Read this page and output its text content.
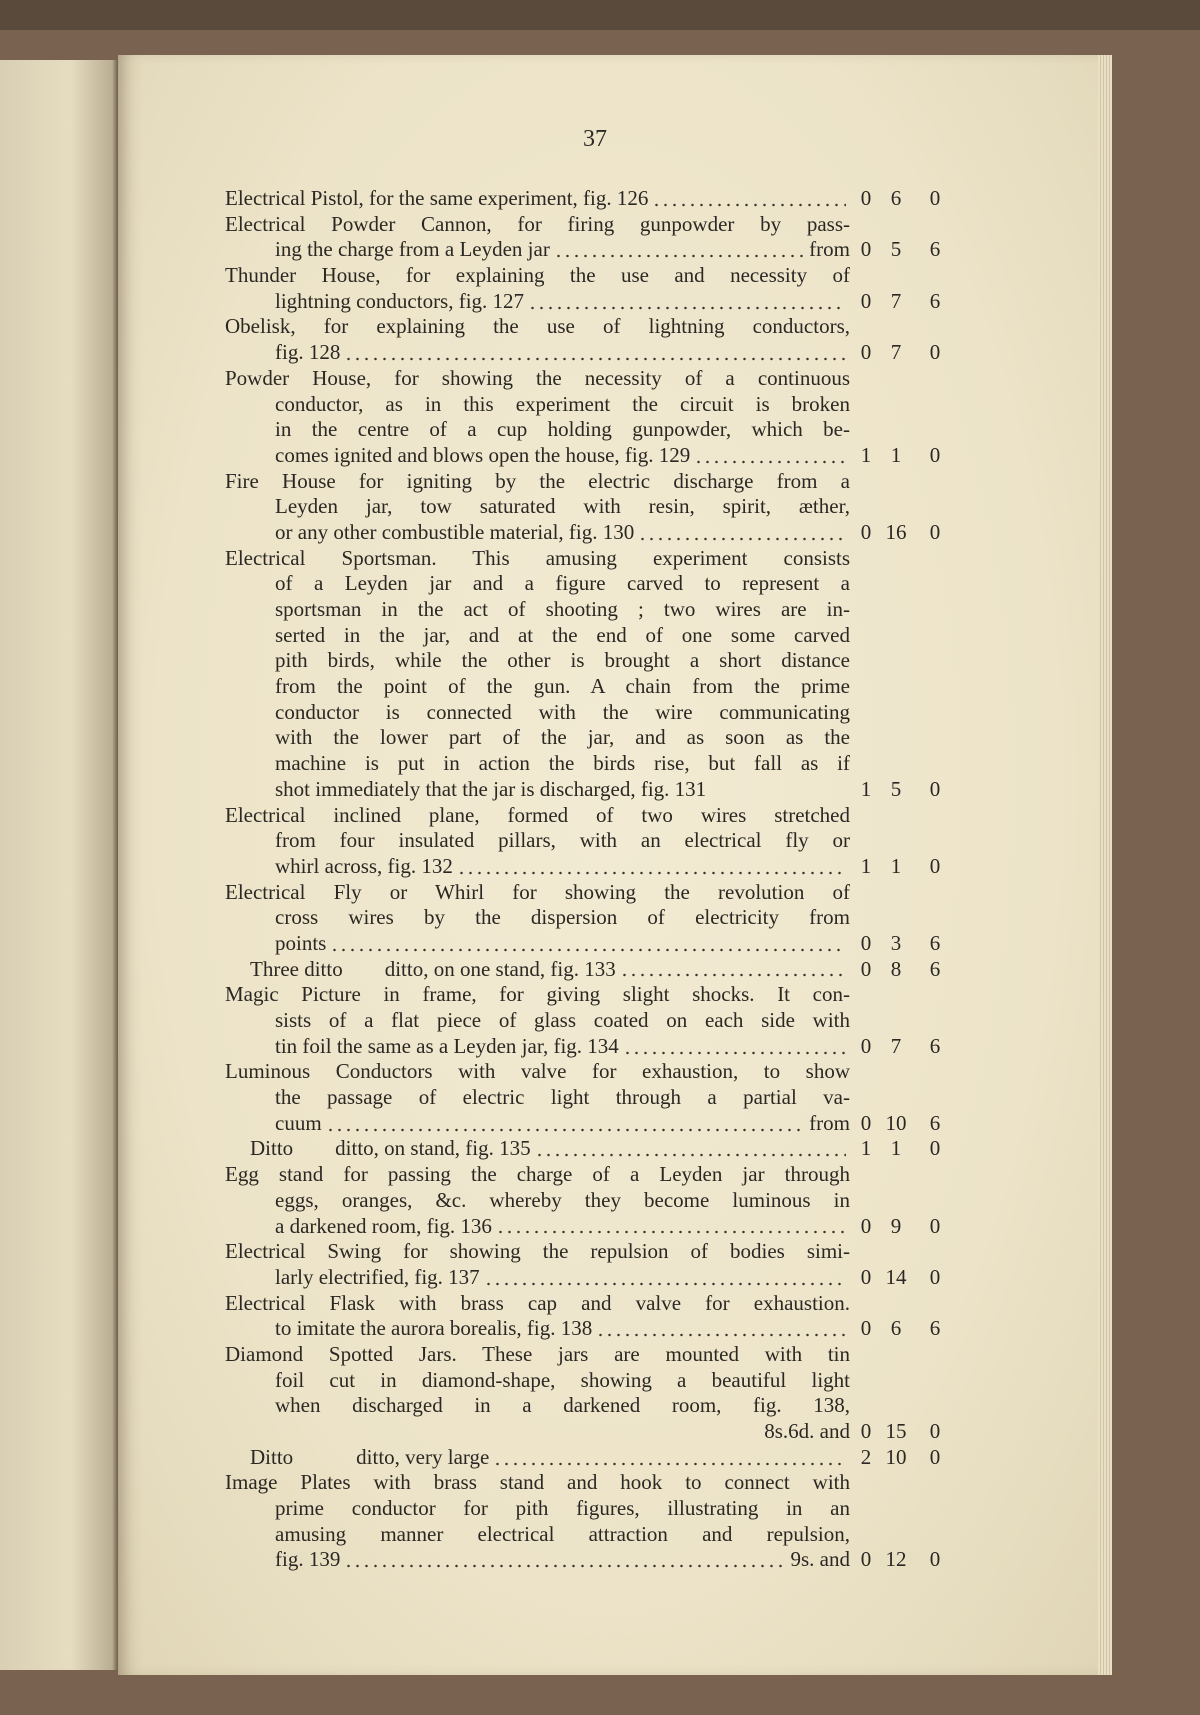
37
Electrical Pistol, for the same experiment, fig. 126	0 6	0
Electrical Powder Cannon, for firing gunpowder by pass-
ing the charge from a Leyden jar	from 0 5	6
Thunder House, for explaining the use and necessity of
lightning conductors, fig. 127	0 7	6
Obelisk, for explaining the use of lightning conductors,
fig. 128	0 7	0
Powder House, for showing the necessity of a continuous
conductor, as in this experiment the circuit is broken
in the centre of a cup holding gunpowder, which be-
comes ignited and blows open the house, fig. 129	1 1	0
Fire House for igniting by the electric discharge from a
Leyden jar, tow saturated with resin, spirit, æther,
or any other combustible material, fig. 130	0 16	0
Electrical Sportsman. This amusing experiment consists
of a Leyden jar and a figure carved to represent a
sportsman in the act of shooting ; two wires are in-
serted in the jar, and at the end of one some carved
pith birds, while the other is brought a short distance
from the point of the gun. A chain from the prime
conductor is connected with the wire communicating
with the lower part of the jar, and as soon as the
machine is put in action the birds rise, but fall as if
shot immediately that the jar is discharged, fig. 131	1 5	0
Electrical inclined plane, formed of two wires stretched
from four insulated pillars, with an electrical fly or
whirl across, fig. 132	1 1	0
Electrical Fly or Whirl for showing the revolution of
cross wires by the dispersion of electricity from
points	0 3	6
Three ditto        ditto, on one stand, fig. 133	0 8	6
Magic Picture in frame, for giving slight shocks. It con-
sists of a flat piece of glass coated on each side with
tin foil the same as a Leyden jar, fig. 134	0 7	6
Luminous Conductors with valve for exhaustion, to show
the passage of electric light through a partial va-
cuum	from 0 10	6
Ditto        ditto, on stand, fig. 135	1 1	0
Egg stand for passing the charge of a Leyden jar through
eggs, oranges, &c. whereby they become luminous in
a darkened room, fig. 136	0 9	0
Electrical Swing for showing the repulsion of bodies simi-
larly electrified, fig. 137	0 14	0
Electrical Flask with brass cap and valve for exhaustion.
to imitate the aurora borealis, fig. 138	0 6	6
Diamond Spotted Jars. These jars are mounted with tin
foil cut in diamond-shape, showing a beautiful light
when discharged in a darkened room, fig. 138,
8s.6d. and 0 15	0
Ditto            ditto, very large	2 10	0
Image Plates with brass stand and hook to connect with
prime conductor for pith figures, illustrating in an
amusing manner electrical attraction and repulsion,
fig. 139	9s. and 0 12	0
